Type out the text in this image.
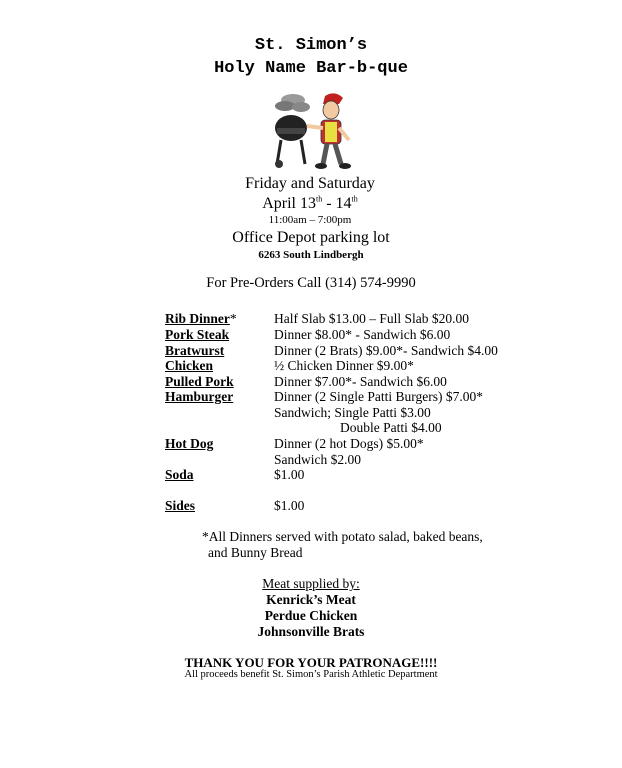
St. Simon’s
Holy Name Bar-b-que
Friday and Saturday
April 13th - 14th
11:00am – 7:00pm
Office Depot parking lot
6263 South Lindbergh
For Pre-Orders Call (314) 574-9990
Rib Dinner*	Half Slab $13.00 – Full Slab $20.00
Pork Steak	Dinner $8.00* - Sandwich $6.00
Bratwurst	Dinner (2 Brats) $9.00*- Sandwich $4.00
Chicken	½ Chicken Dinner $9.00*
Pulled Pork	Dinner $7.00*- Sandwich $6.00
Hamburger	Dinner (2 Single Patti Burgers) $7.00*
Sandwich; Single Patti $3.00
Double Patti $4.00
Hot Dog	Dinner (2 hot Dogs) $5.00*
Sandwich $2.00
Soda	$1.00
Sides	$1.00
*All Dinners served with potato salad, baked beans,
and Bunny Bread
Meat supplied by:
Kenrick’s Meat
Perdue Chicken
Johnsonville Brats
THANK YOU FOR YOUR PATRONAGE!!!!
All proceeds benefit St. Simon’s Parish Athletic Department
